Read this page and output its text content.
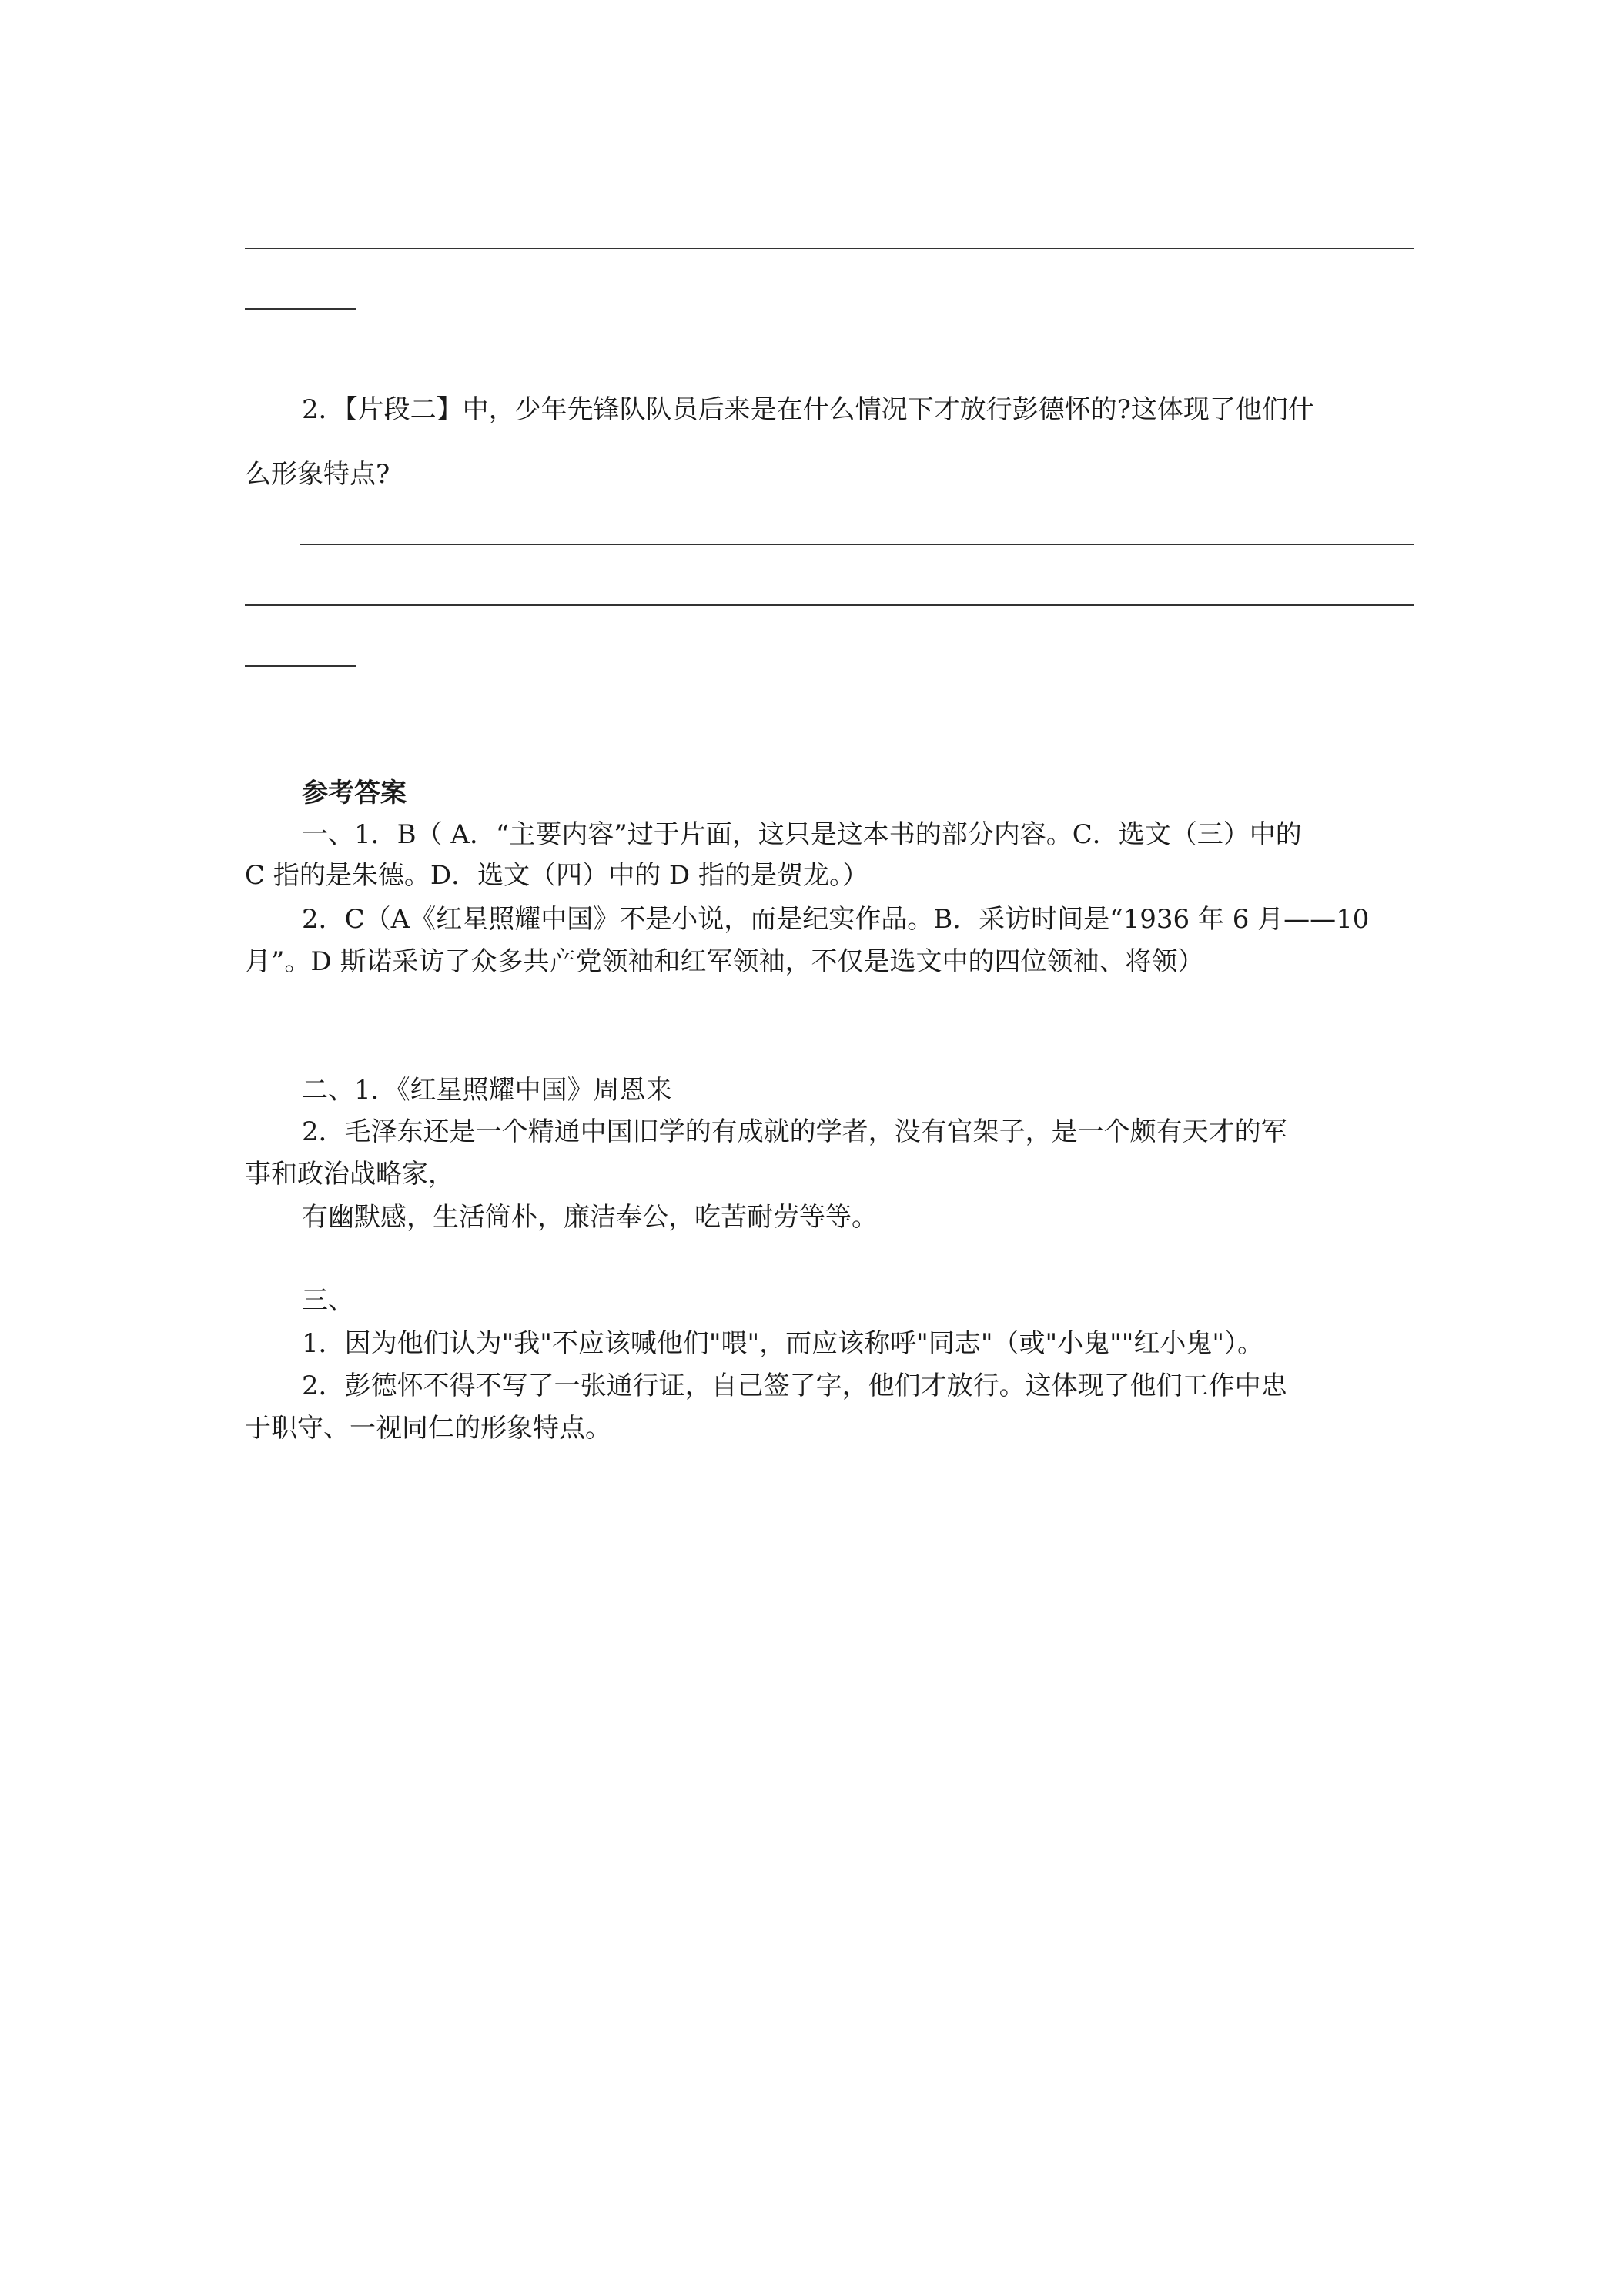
2．【片段二】中，少年先锋队队员后来是在什么情况下才放行彭德怀的?这体现了他们什
么形象特点?
参考答案
一、1．B（ A．“主要内容”过于片面，这只是这本书的部分内容。C．选文（三）中的
C 指的是朱德。D．选文（四）中的 D 指的是贺龙。）
2．C（A《红星照耀中国》不是小说，而是纪实作品。B．采访时间是“1936 年 6 月——10
月”。D 斯诺采访了众多共产党领袖和红军领袖，不仅是选文中的四位领袖、将领）
二、1．《红星照耀中国》周恩来
2．毛泽东还是一个精通中国旧学的有成就的学者，没有官架子，是一个颇有天才的军
事和政治战略家，
有幽默感，生活简朴，廉洁奉公，吃苦耐劳等等。
三、
1．因为他们认为"我"不应该喊他们"喂"，而应该称呼"同志"（或"小鬼""红小鬼"）。
2．彭德怀不得不写了一张通行证，自己签了字，他们才放行。这体现了他们工作中忠
于职守、一视同仁的形象特点。
